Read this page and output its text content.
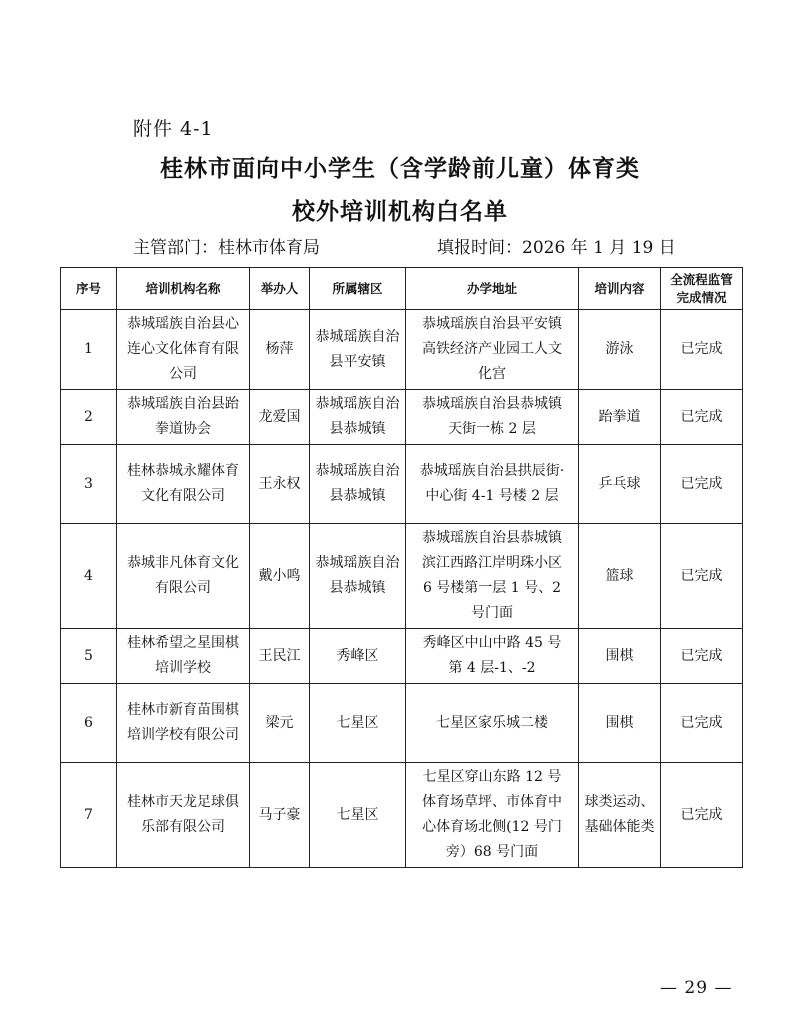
附件 4-1
桂林市面向中小学生（含学龄前儿童）体育类
校外培训机构白名单
主管部门：桂林市体育局	填报时间：2026 年 1 月 19 日
序号	培训机构名称	举办人	所属辖区	办学地址	培训内容	全流程监管完成情况
1	恭城瑶族自治县心连心文化体育有限公司	杨萍	恭城瑶族自治县平安镇	恭城瑶族自治县平安镇高铁经济产业园工人文化宫	游泳	已完成
2	恭城瑶族自治县跆拳道协会	龙爱国	恭城瑶族自治县恭城镇	恭城瑶族自治县恭城镇天街一栋 2 层	跆拳道	已完成
3	桂林恭城永耀体育文化有限公司	王永权	恭城瑶族自治县恭城镇	恭城瑶族自治县拱辰街·中心街 4-1 号楼 2 层	乒乓球	已完成
4	恭城非凡体育文化有限公司	戴小鸣	恭城瑶族自治县恭城镇	恭城瑶族自治县恭城镇滨江西路江岸明珠小区 6 号楼第一层 1 号、2 号门面	篮球	已完成
5	桂林希望之星围棋培训学校	王民江	秀峰区	秀峰区中山中路 45 号第 4 层-1、-2	围棋	已完成
6	桂林市新育苗围棋培训学校有限公司	梁元	七星区	七星区家乐城二楼	围棋	已完成
7	桂林市天龙足球俱乐部有限公司	马子豪	七星区	七星区穿山东路 12 号体育场草坪、市体育中心体育场北侧(12 号门旁）68 号门面	球类运动、基础体能类	已完成
— 29 —
